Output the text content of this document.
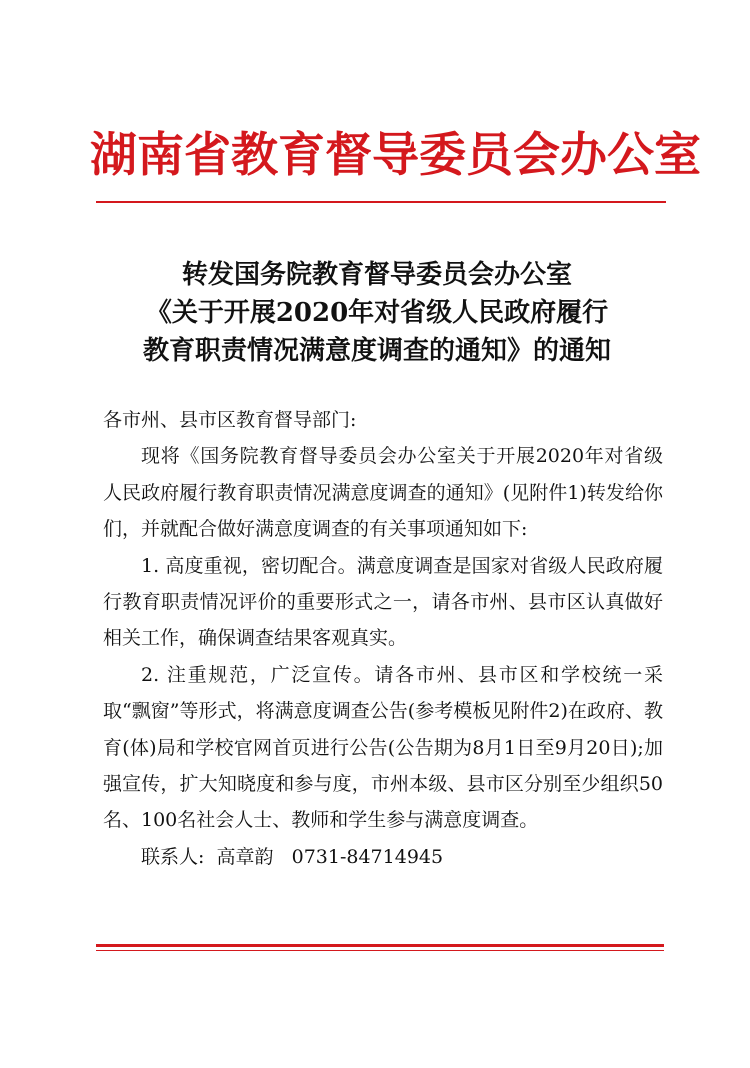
湖南省教育督导委员会办公室
转发国务院教育督导委员会办公室
《关于开展2020年对省级人民政府履行
教育职责情况满意度调查的通知》的通知

各市州、县市区教育督导部门:

现将《国务院教育督导委员会办公室关于开展2020年对省级人民政府履行教育职责情况满意度调查的通知》(见附件1)转发给你们，并就配合做好满意度调查的有关事项通知如下:

1. 高度重视，密切配合。满意度调查是国家对省级人民政府履行教育职责情况评价的重要形式之一，请各市州、县市区认真做好相关工作，确保调查结果客观真实。

2. 注重规范，广泛宣传。请各市州、县市区和学校统一采取“飘窗”等形式，将满意度调查公告(参考模板见附件2)在政府、教育(体)局和学校官网首页进行公告(公告期为8月1日至9月20日);加强宣传，扩大知晓度和参与度，市州本级、县市区分别至少组织50名、100名社会人士、教师和学生参与满意度调查。

联系人:  高章韵   0731-84714945
